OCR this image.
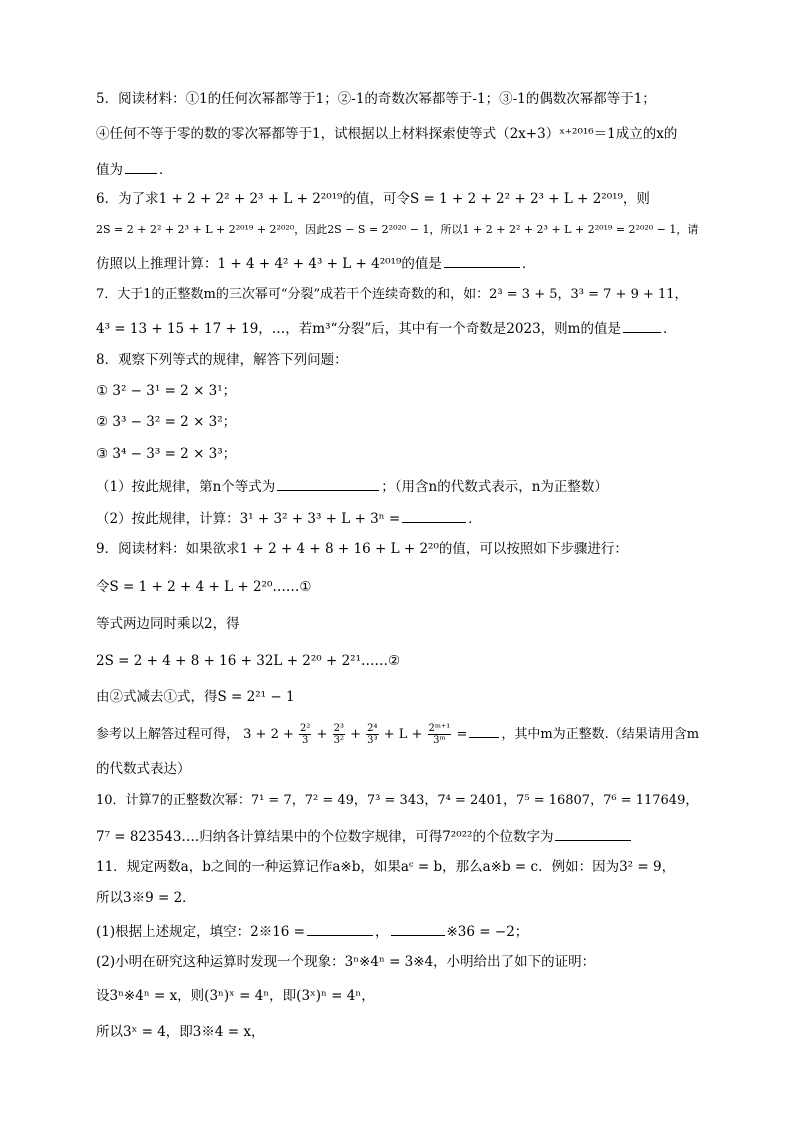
5．阅读材料：①1的任何次幂都等于1；②-1的奇数次幂都等于-1；③-1的偶数次幂都等于1；
④任何不等于零的数的零次幂都等于1，试根据以上材料探索使等式（2x+3）ˣ⁺²⁰¹⁶＝1成立的x的
值为	．
6．为了求1 + 2 + 2² + 2³ + L + 2²⁰¹⁹的值，可令S = 1 + 2 + 2² + 2³ + L + 2²⁰¹⁹，则
2S = 2 + 2² + 2³ + L + 2²⁰¹⁹ + 2²⁰²⁰，因此2S − S = 2²⁰²⁰ − 1，所以1 + 2 + 2² + 2³ + L + 2²⁰¹⁹ = 2²⁰²⁰ − 1，请
仿照以上推理计算：1 + 4 + 4² + 4³ + L + 4²⁰¹⁹的值是	．
7．大于1的正整数m的三次幂可“分裂”成若干个连续奇数的和，如：2³ = 3 + 5，3³ = 7 + 9 + 11，
4³ = 13 + 15 + 17 + 19，…，若m³“分裂”后，其中有一个奇数是2023，则m的值是	．
8．观察下列等式的规律，解答下列问题：
① 3² − 3¹ = 2 × 3¹；
② 3³ − 3² = 2 × 3²；
③ 3⁴ − 3³ = 2 × 3³；
（1）按此规律，第n个等式为	；（用含n的代数式表示，n为正整数）
（2）按此规律，计算：3¹ + 3² + 3³ + L + 3ⁿ =	．
9．阅读材料：如果欲求1 + 2 + 4 + 8 + 16 + L + 2²⁰的值，可以按照如下步骤进行：
令S = 1 + 2 + 4 + L + 2²⁰……①
等式两边同时乘以2，得
2S = 2 + 4 + 8 + 16 + 32L + 2²⁰ + 2²¹……②
由②式减去①式，得S = 2²¹ − 1
参考以上解答过程可得， $3 + 2 + \frac{\text{2²}}{3} + \frac{\text{2³}}{\text{3²}} + \frac{\text{2⁴}}{\text{3³}} + L + \frac{\text{2ᵐ⁺¹}}{\text{3ᵐ}}$ =	，其中m为正整数.（结果请用含m
的代数式表达）
10．计算7的正整数次幂：7¹ = 7，7² = 49，7³ = 343，7⁴ = 2401，7⁵ = 16807，7⁶ = 117649，
7⁷ = 823543….归纳各计算结果中的个位数字规律，可得7²⁰²²的个位数字为
11．规定两数a，b之间的一种运算记作a※b，如果aᶜ = b，那么a※b = c．例如：因为3² = 9，
所以3※9 = 2．
(1)根据上述规定，填空：2※16 =	，	※36 = −2；
(2)小明在研究这种运算时发现一个现象：3ⁿ※4ⁿ = 3※4，小明给出了如下的证明：
设3ⁿ※4ⁿ = x，则(3ⁿ)ˣ = 4ⁿ，即(3ˣ)ⁿ = 4ⁿ，
所以3ˣ = 4，即3※4 = x，
